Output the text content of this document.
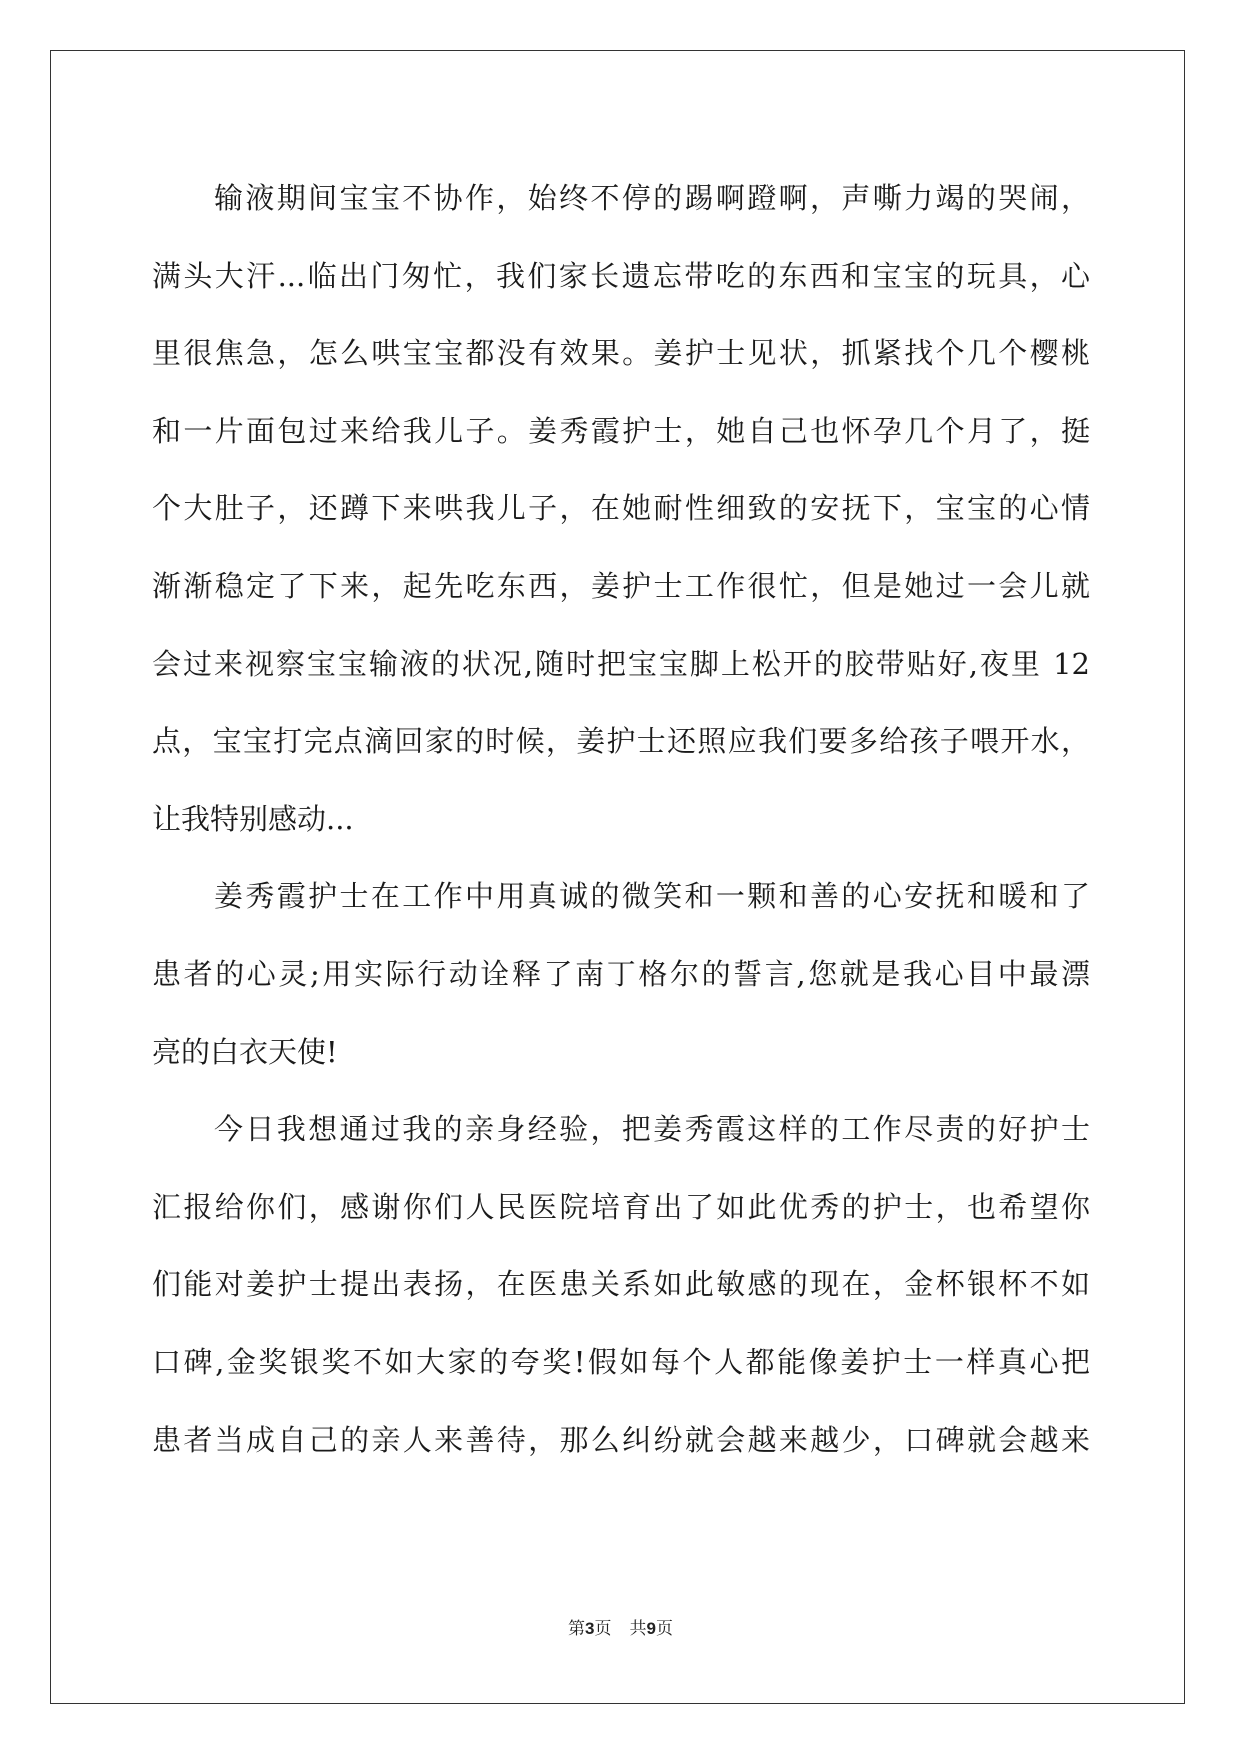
输液期间宝宝不协作，始终不停的踢啊蹬啊，声嘶力竭的哭闹，
满头大汗...临出门匆忙，我们家长遗忘带吃的东西和宝宝的玩具，心
里很焦急，怎么哄宝宝都没有效果。姜护士见状，抓紧找个几个樱桃
和一片面包过来给我儿子。姜秀霞护士，她自己也怀孕几个月了，挺
个大肚子，还蹲下来哄我儿子，在她耐性细致的安抚下，宝宝的心情
渐渐稳定了下来，起先吃东西，姜护士工作很忙，但是她过一会儿就
会过来视察宝宝输液的状况,随时把宝宝脚上松开的胶带贴好,夜里 12
点，宝宝打完点滴回家的时候，姜护士还照应我们要多给孩子喂开水，
让我特别感动...
姜秀霞护士在工作中用真诚的微笑和一颗和善的心安抚和暖和了
患者的心灵;用实际行动诠释了南丁格尔的誓言,您就是我心目中最漂
亮的白衣天使!
今日我想通过我的亲身经验，把姜秀霞这样的工作尽责的好护士
汇报给你们，感谢你们人民医院培育出了如此优秀的护士，也希望你
们能对姜护士提出表扬，在医患关系如此敏感的现在，金杯银杯不如
口碑,金奖银奖不如大家的夸奖!假如每个人都能像姜护士一样真心把
患者当成自己的亲人来善待，那么纠纷就会越来越少，口碑就会越来
第3页 共9页
